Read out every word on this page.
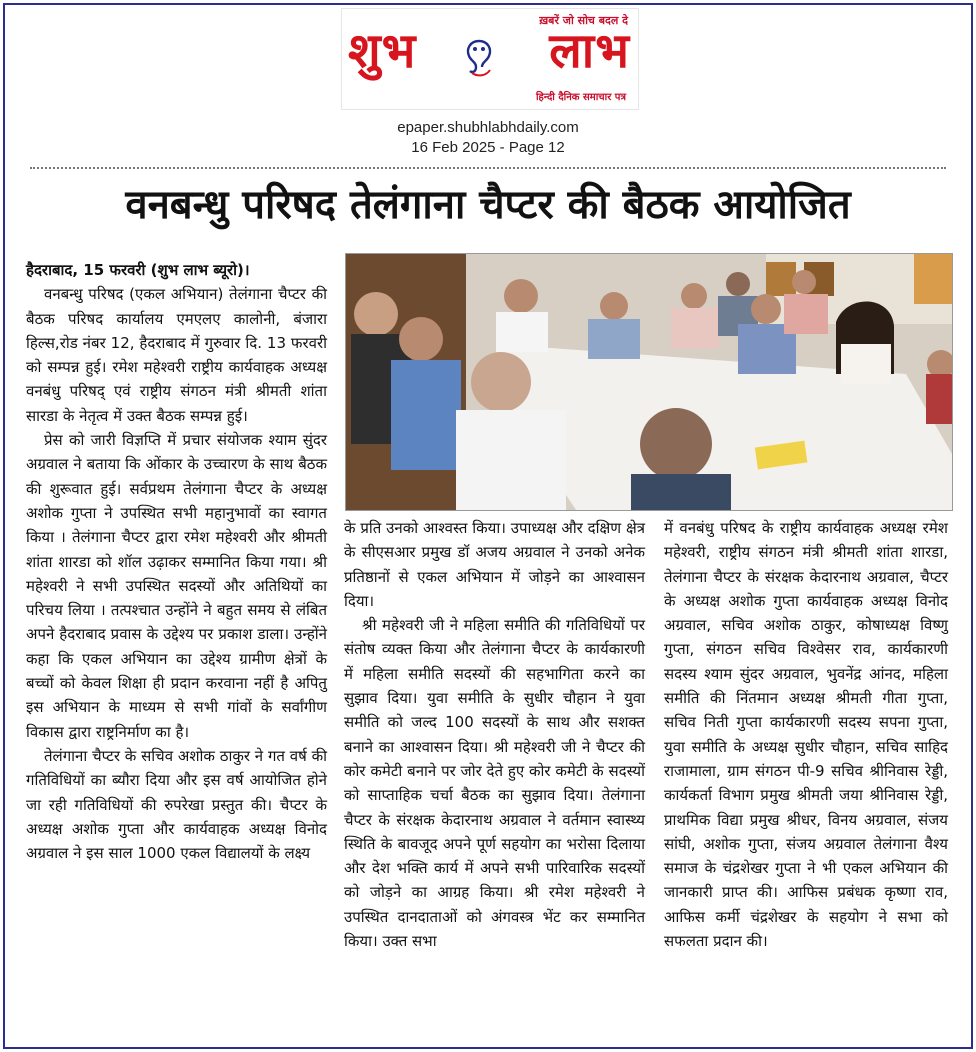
ख़बरें जो सोच बदल दे
शुभ	लाभ
हिन्दी दैनिक समाचार पत्र
epaper.shubhlabhdaily.com
16 Feb 2025 - Page 12
वनबन्धु परिषद तेलंगाना चैप्टर की बैठक आयोजित

हैदराबाद, 15 फरवरी (शुभ लाभ ब्यूरो)।

वनबन्धु परिषद (एकल अभियान) तेलंगाना चैप्टर की बैठक परिषद कार्यालय एमएलए कालोनी, बंजारा हिल्स,रोड नंबर 12, हैदराबाद में गुरुवार दि. 13 फरवरी को सम्पन्न हुई। रमेश महेश्वरी राष्ट्रीय कार्यवाहक अध्यक्ष वनबंधु परिषद् एवं राष्ट्रीय संगठन मंत्री श्रीमती शांता सारडा के नेतृत्व में उक्त बैठक सम्पन्न हुई।

प्रेस को जारी विज्ञप्ति में प्रचार संयोजक श्याम सुंदर अग्रवाल ने बताया कि ओंकार के उच्चारण के साथ बैठक की शुरूवात हुई। सर्वप्रथम तेलंगाना चैप्टर के अध्यक्ष अशोक गुप्ता ने उपस्थित सभी महानुभावों का स्वागत किया । तेलंगाना चैप्टर द्वारा रमेश महेश्वरी और श्रीमती शांता शारडा को शॉल उढ़ाकर सम्मानित किया गया। श्री महेश्वरी ने सभी उपस्थित सदस्यों और अतिथियों का परिचय लिया । तत्पश्चात उन्होंने ने बहुत समय से लंबित अपने हैदराबाद प्रवास के उद्देश्य पर प्रकाश डाला। उन्होंने कहा कि एकल अभियान का उद्देश्य ग्रामीण क्षेत्रों के बच्चों को केवल शिक्षा ही प्रदान करवाना नहीं है अपितु इस अभियान के माध्यम से सभी गांवों के सर्वांगीण विकास द्वारा राष्ट्रनिर्माण का है।

तेलंगाना चैप्टर के सचिव अशोक ठाकुर ने गत वर्ष की गतिविधियों का ब्यौरा दिया और इस वर्ष आयोजित होने जा रही गतिविधियों की रुपरेखा प्रस्तुत की। चैप्टर के अध्यक्ष अशोक गुप्ता और कार्यवाहक अध्यक्ष विनोद अग्रवाल ने इस साल 1000 एकल विद्यालयों के लक्ष्य

के प्रति उनको आश्वस्त किया। उपाध्यक्ष और दक्षिण क्षेत्र के सीएसआर प्रमुख डॉ अजय अग्रवाल ने उनको अनेक प्रतिष्ठानों से एकल अभियान में जोड़ने का आश्वासन दिया।

श्री महेश्वरी जी ने महिला समीति की गतिविधियों पर संतोष व्यक्त किया और तेलंगाना चैप्टर के कार्यकारणी में महिला समीति सदस्यों की सहभागिता करने का सुझाव दिया। युवा समीति के सुधीर चौहान ने युवा समीति को जल्द 100 सदस्यों के साथ और सशक्त बनाने का आश्वासन दिया। श्री महेश्वरी जी ने चैप्टर की कोर कमेटी बनाने पर जोर देते हुए कोर कमेटी के सदस्यों को साप्ताहिक चर्चा बैठक का सुझाव दिया। तेलंगाना चैप्टर के संरक्षक केदारनाथ अग्रवाल ने वर्तमान स्वास्थ्य स्थिति के बावजूद अपने पूर्ण सहयोग का भरोसा दिलाया और देश भक्ति कार्य में अपने सभी पारिवारिक सदस्यों को जोड़ने का आग्रह किया। श्री रमेश महेश्वरी ने उपस्थित दानदाताओं को अंगवस्त्र भेंट कर सम्मानित किया। उक्त सभा

में वनबंधु परिषद के राष्ट्रीय कार्यवाहक अध्यक्ष रमेश महेश्वरी, राष्ट्रीय संगठन मंत्री श्रीमती शांता शारडा, तेलंगाना चैप्टर के संरक्षक केदारनाथ अग्रवाल, चैप्टर के अध्यक्ष अशोक गुप्ता कार्यवाहक अध्यक्ष विनोद अग्रवाल, सचिव अशोक ठाकुर, कोषाध्यक्ष विष्णु गुप्ता, संगठन सचिव विश्वेसर राव, कार्यकारणी सदस्य श्याम सुंदर अग्रवाल, भुवनेंद्र आंनद, महिला समीति की निंतमान अध्यक्ष श्रीमती गीता गुप्ता, सचिव निती गुप्ता कार्यकारणी सदस्य सपना गुप्ता, युवा समीति के अध्यक्ष सुधीर चौहान, सचिव साहिद राजामाला, ग्राम संगठन पी-9 सचिव श्रीनिवास रेड्डी, कार्यकर्ता विभाग प्रमुख श्रीमती जया श्रीनिवास रेड्डी, प्राथमिक विद्या प्रमुख श्रीधर, विनय अग्रवाल, संजय सांघी, अशोक गुप्ता, संजय अग्रवाल तेलंगाना वैश्य समाज के चंद्रशेखर गुप्ता ने भी एकल अभियान की जानकारी प्राप्त की। आफिस प्रबंधक कृष्णा राव, आफिस कर्मी चंद्रशेखर के सहयोग ने सभा को सफलता प्रदान की।
